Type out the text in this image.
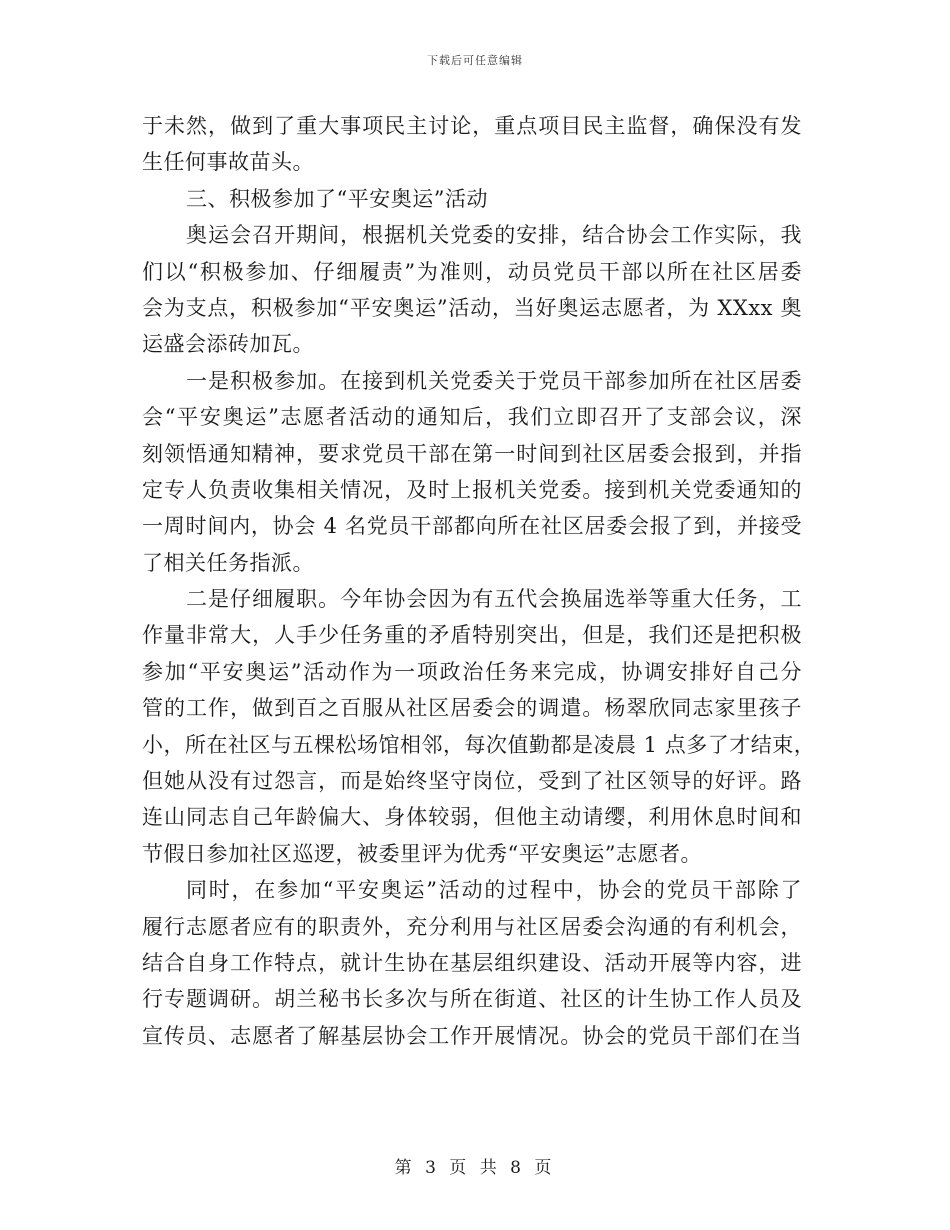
下载后可任意编辑
于未然，做到了重大事项民主讨论，重点项目民主监督，确保没有发
生任何事故苗头。
三、积极参加了“平安奥运”活动
奥运会召开期间，根据机关党委的安排，结合协会工作实际，我
们以“积极参加、仔细履责”为准则，动员党员干部以所在社区居委
会为支点，积极参加“平安奥运”活动，当好奥运志愿者，为 XXxx 奥
运盛会添砖加瓦。
一是积极参加。在接到机关党委关于党员干部参加所在社区居委
会“平安奥运”志愿者活动的通知后，我们立即召开了支部会议，深
刻领悟通知精神，要求党员干部在第一时间到社区居委会报到，并指
定专人负责收集相关情况，及时上报机关党委。接到机关党委通知的
一周时间内，协会 4 名党员干部都向所在社区居委会报了到，并接受
了相关任务指派。
二是仔细履职。今年协会因为有五代会换届选举等重大任务，工
作量非常大，人手少任务重的矛盾特别突出，但是，我们还是把积极
参加“平安奥运”活动作为一项政治任务来完成，协调安排好自己分
管的工作，做到百之百服从社区居委会的调遣。杨翠欣同志家里孩子
小，所在社区与五棵松场馆相邻，每次值勤都是凌晨 1 点多了才结束，
但她从没有过怨言，而是始终坚守岗位，受到了社区领导的好评。路
连山同志自己年龄偏大、身体较弱，但他主动请缨，利用休息时间和
节假日参加社区巡逻，被委里评为优秀“平安奥运”志愿者。
同时，在参加“平安奥运”活动的过程中，协会的党员干部除了
履行志愿者应有的职责外，充分利用与社区居委会沟通的有利机会，
结合自身工作特点，就计生协在基层组织建设、活动开展等内容，进
行专题调研。胡兰秘书长多次与所在街道、社区的计生协工作人员及
宣传员、志愿者了解基层协会工作开展情况。协会的党员干部们在当
第 3 页 共 8 页
